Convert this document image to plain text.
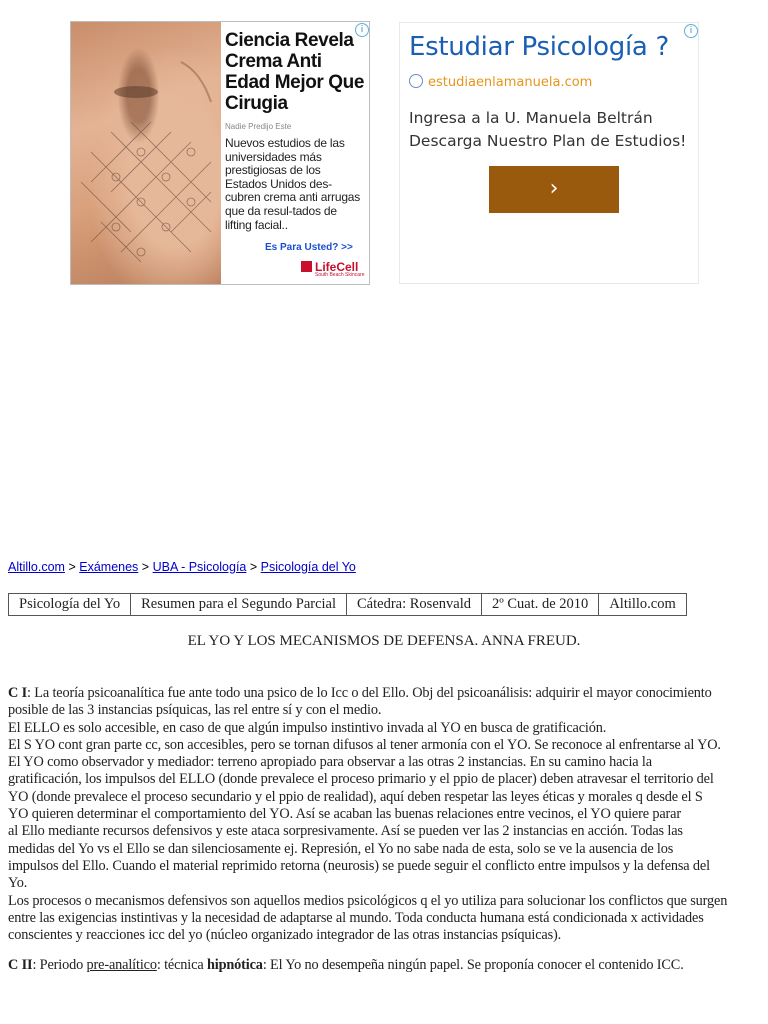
Ciencia Revela Crema Anti Edad Mejor Que Cirugia
Nadie Predijo Este
Nuevos estudios de las universidades más prestigiosas de los Estados Unidos des-cubren crema anti arrugas que da resul-tados de lifting facial..
Es Para Usted? >>
LifeCell
South Beach Skincare
i
Estudiar Psicología ?
estudiaenlamanuela.com
Ingresa a la U. Manuela Beltrán
Descarga Nuestro Plan de Estudios!
›
i
Altillo.com > Exámenes > UBA - Psicología > Psicología del Yo
Psicología del Yo	Resumen para el Segundo Parcial	Cátedra: Rosenvald	2º Cuat. de 2010	Altillo.com
EL YO Y LOS MECANISMOS DE DEFENSA. ANNA FREUD.

C I: La teoría psicoanalítica fue ante todo una psico de lo Icc o del Ello. Obj del psicoanálisis: adquirir el mayor conocimiento

posible de las 3 instancias psíquicas, las rel entre sí y con el medio.

El ELLO es solo accesible, en caso de que algún impulso instintivo invada al YO en busca de gratificación.

El S YO cont gran parte cc, son accesibles, pero se tornan difusos al tener armonía con el YO. Se reconoce al enfrentarse al YO.

El YO como observador y mediador: terreno apropiado para observar a las otras 2 instancias. En su camino hacia la

gratificación, los impulsos del ELLO (donde prevalece el proceso primario y el ppio de placer) deben atravesar el territorio del

YO (donde prevalece el proceso secundario y el ppio de realidad), aquí deben respetar las leyes éticas y morales q desde el S

YO quieren determinar el comportamiento del YO. Así se acaban las buenas relaciones entre vecinos, el YO quiere parar

al Ello mediante recursos defensivos y este ataca sorpresivamente. Así se pueden ver las 2 instancias en acción. Todas las

medidas del Yo vs el Ello se dan silenciosamente ej. Represión, el Yo no sabe nada de esta, solo se ve la ausencia de los

impulsos del Ello. Cuando el material reprimido retorna (neurosis) se puede seguir el conflicto entre impulsos y la defensa del

Yo.

Los procesos o mecanismos defensivos son aquellos medios psicológicos q el yo utiliza para solucionar los conflictos que surgen

entre las exigencias instintivas y la necesidad de adaptarse al mundo. Toda conducta humana está condicionada x actividades

conscientes y reacciones icc del yo (núcleo organizado integrador de las otras instancias psíquicas).

C II: Periodo pre-analítico: técnica hipnótica: El Yo no desempeña ningún papel. Se proponía conocer el contenido ICC.
